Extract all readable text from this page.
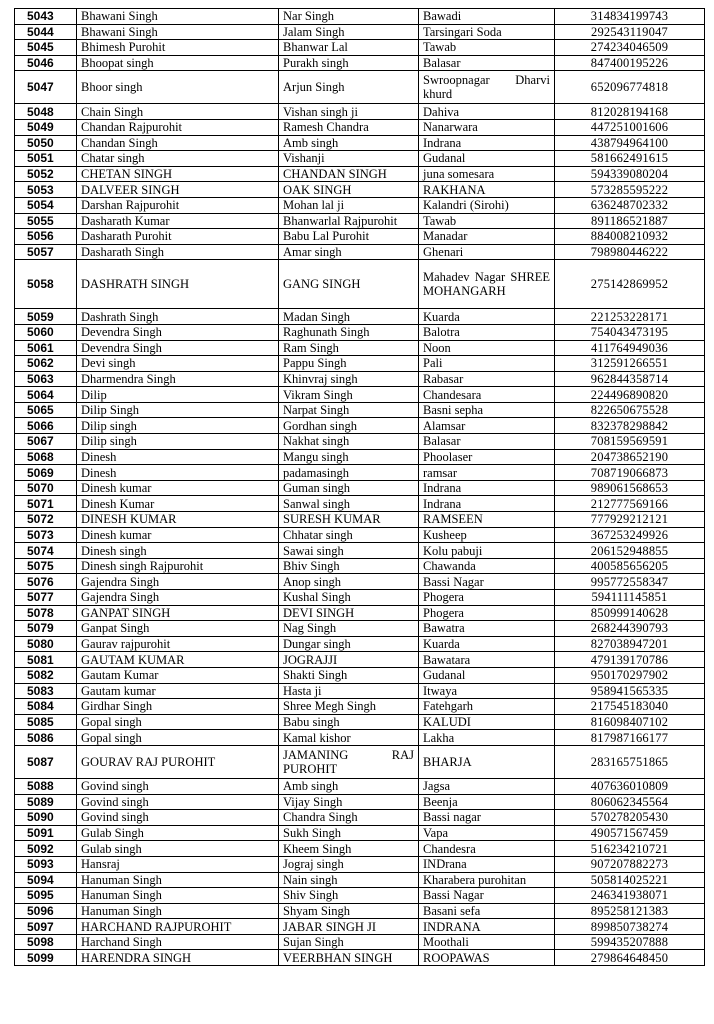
5043	Bhawani Singh	Nar Singh	Bawadi	314834199743
5044	Bhawani Singh	Jalam Singh	Tarsingari Soda	292543119047
5045	Bhimesh Purohit	Bhanwar Lal	Tawab	274234046509
5046	Bhoopat singh	Purakh singh	Balasar	847400195226
5047	Bhoor singh	Arjun Singh	Swroopnagar Dharvi khurd	652096774818
5048	Chain Singh	Vishan singh ji	Dahiva	812028194168
5049	Chandan Rajpurohit	Ramesh Chandra	Nanarwara	447251001606
5050	Chandan Singh	Amb singh	Indrana	438794964100
5051	Chatar singh	Vishanji	Gudanal	581662491615
5052	CHETAN SINGH	CHANDAN SINGH	juna somesara	594339080204
5053	DALVEER SINGH	OAK SINGH	RAKHANA	573285595222
5054	Darshan Rajpurohit	Mohan lal ji	Kalandri (Sirohi)	636248702332
5055	Dasharath Kumar	Bhanwarlal Rajpurohit	Tawab	891186521887
5056	Dasharath Purohit	Babu Lal Purohit	Manadar	884008210932
5057	Dasharath Singh	Amar singh	Ghenari	798980446222
5058	DASHRATH SINGH	GANG SINGH	Mahadev Nagar SHREE MOHANGARH	275142869952
5059	Dashrath Singh	Madan Singh	Kuarda	221253228171
5060	Devendra Singh	Raghunath Singh	Balotra	754043473195
5061	Devendra Singh	Ram Singh	Noon	411764949036
5062	Devi singh	Pappu Singh	Pali	312591266551
5063	Dharmendra Singh	Khinvraj singh	Rabasar	962844358714
5064	Dilip	Vikram Singh	Chandesara	224496890820
5065	Dilip Singh	Narpat Singh	Basni sepha	822650675528
5066	Dilip singh	Gordhan singh	Alamsar	832378298842
5067	Dilip singh	Nakhat singh	Balasar	708159569591
5068	Dinesh	Mangu singh	Phoolaser	204738652190
5069	Dinesh	padamasingh	ramsar	708719066873
5070	Dinesh kumar	Guman singh	Indrana	989061568653
5071	Dinesh Kumar	Sanwal singh	Indrana	212777569166
5072	DINESH KUMAR	SURESH KUMAR	RAMSEEN	777929212121
5073	Dinesh kumar	Chhatar singh	Kusheep	367253249926
5074	Dinesh singh	Sawai singh	Kolu pabuji	206152948855
5075	Dinesh singh Rajpurohit	Bhiv Singh	Chawanda	400585656205
5076	Gajendra Singh	Anop singh	Bassi Nagar	995772558347
5077	Gajendra Singh	Kushal Singh	Phogera	594111145851
5078	GANPAT SINGH	DEVI SINGH	Phogera	850999140628
5079	Ganpat Singh	Nag Singh	Bawatra	268244390793
5080	Gaurav rajpurohit	Dungar singh	Kuarda	827038947201
5081	GAUTAM KUMAR	JOGRAJJI	Bawatara	479139170786
5082	Gautam Kumar	Shakti Singh	Gudanal	950170297902
5083	Gautam kumar	Hasta ji	Itwaya	958941565335
5084	Girdhar Singh	Shree Megh Singh	Fatehgarh	217545183040
5085	Gopal singh	Babu singh	KALUDI	816098407102
5086	Gopal singh	Kamal kishor	Lakha	817987166177
5087	GOURAV RAJ PUROHIT	JAMANING RAJ PUROHIT	BHARJA	283165751865
5088	Govind singh	Amb singh	Jagsa	407636010809
5089	Govind singh	Vijay Singh	Beenja	806062345564
5090	Govind singh	Chandra Singh	Bassi nagar	570278205430
5091	Gulab Singh	Sukh Singh	Vapa	490571567459
5092	Gulab singh	Kheem Singh	Chandesra	516234210721
5093	Hansraj	Jograj singh	INDrana	907207882273
5094	Hanuman Singh	Nain singh	Kharabera purohitan	505814025221
5095	Hanuman Singh	Shiv Singh	Bassi Nagar	246341938071
5096	Hanuman Singh	Shyam Singh	Basani sefa	895258121383
5097	HARCHAND RAJPUROHIT	JABAR SINGH JI	INDRANA	899850738274
5098	Harchand Singh	Sujan Singh	Moothali	599435207888
5099	HARENDRA SINGH	VEERBHAN SINGH	ROOPAWAS	279864648450
